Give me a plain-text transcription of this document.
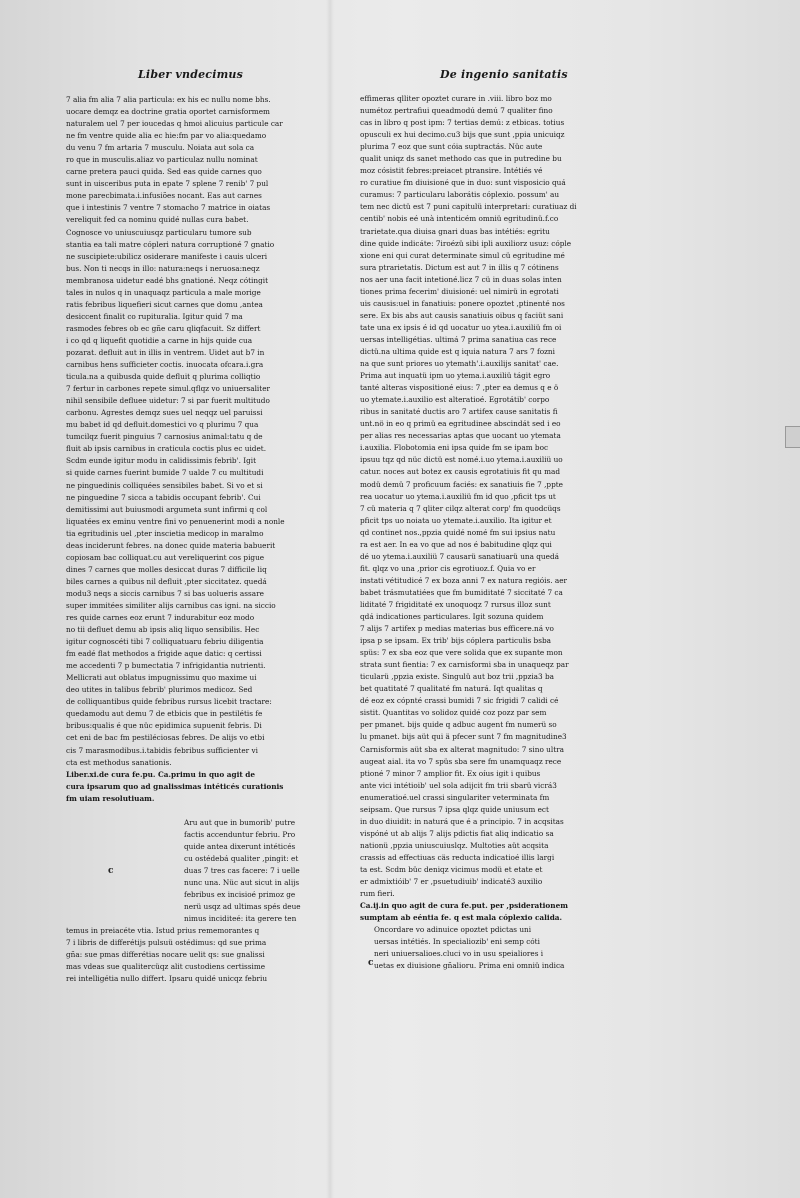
Liber vndecimus	De ingenio sanitatis
7 alia fm alia 7 alia particula: ex his ec nullu nome bhs.
uocare demqz ea doctrine gratia oportet carnisformem
naturalem uel 7 per ioucedas q hmoi alicuius particule car
ne fm ventre quide alia ec hie:fm par vo alia:quedamo
du venu 7 fm artaria 7 musculu. Noiata aut sola ca
ro que in musculis.aliaz vo particulaz nullu nominat
carne pretera pauci quida. Sed eas quide carnes quo
sunt in uisceribus puta in epate 7 splene 7 renib' 7 pul
mone parecbimata.i.infusiões nocant. Eas aut carnes
que i intestinis 7 ventre 7 stomacho 7 matrice in oiatas
vereliquit fed ca nominu quidé nullas cura babet.
Cognosce vo uniuscuiusqz particularu tumore sub
stantia ea tali matre cópleri natura corruptioné 7 gnatio
ne suscipiete:ubilicz osiderare manifeste i cauis ulceri
bus. Non ti necqs in illo: natura:neqs i neruosa:neqz
membranosa uidetur eadé bhs gnationé. Neqz cótingit
tales in nulos q in unaquaqz particula a male morige
ratis febribus liquefieri sicut carnes que domu ,antea
desiccent finalit co rupituralia. Igitur quid 7 ma
rasmodes febres ob ec gñe caru qliqfacuit. Sz differt
i co qd q liquefit quotidie a carne in hijs quide cua
pozarat. defluit aut in illis in ventrem. Uidet aut b7 in
carnibus hens sufficieter coctis. inuocata ofcara.i.gra
ticula.na a quibusda quide defluit q plurima colliqtio
7 fertur in carbones repete simul.qflqz vo uniuersaliter
nihil sensibile defluee uidetur: 7 si par fuerit multitudo
carbonu. Agrestes demqz sues uel neqqz uel paruissi
mu babet id qd defluit.domestici vo q plurimu 7 qua
tumcilqz fuerit pinguius 7 carnosius animal:tatu q de
fluit ab ipsis carnibus in craticula coctis plus ec uidet.
Scdm eunde igitur modu in calidissimis febrib'. Igit
si quide carnes fuerint bumide 7 ualde 7 cu multitudi
ne pinguedinis colliquées sensibiles babet. Si vo et si
ne pinguedine 7 sicca a tabidis occupant febrib'. Cui
demitissimi aut buiusmodi argumeta sunt infirmi q col
liquatées ex eminu ventre fini vo penuenerint modi a nonle
tia egritudinis uel ,pter inscietia medicop in maralmo
deas inciderunt febres. na donec quide materia babuerit
copiosam bac colliquat.cu aut vereliquerint cos pigue
dines 7 carnes que molles desiccat duras 7 difficile liq
biles carnes a quibus nil defluit ,pter siccitatez. quedá
modu3 neqs a siccis carnibus 7 si bas uolueris assare
super immitées similiter alijs carnibus cas igni. na siccio
res quide carnes eoz erunt 7 indurabitur eoz modo
no tii defluet demu ab ipsis aliq liquo sensibilis. Hec
igitur cognoscéti tibi 7 colliquatuaru febriu diligentia
fm eadé flat methodos a frigide aque datic: q certissi
me accedenti 7 p bumectatia 7 infrigidantia nutrienti.
Mellicrati aut oblatus impugnissimu quo maxime ui
deo utites in talibus febrib' plurimos medicoz. Sed
de colliquantibus quide febribus rursus licebit tractare:
quedamodu aut demu 7 de etbicis que in pestilétis fe
bribus:qualis é que nüc epidimica supuenit febris. Di
cet eni de bac fm pestiléciosas febres. De alijs vo etbi
cis 7 marasmodibus.i.tabidis febribus sufficienter vi
cta est methodus sanationis.
Liber.xi.de cura fe.pu. Ca.primu in quo agit de
cura ipsarum quo ad gnalissimas intéticés curationis
fm uiam resolutiuam.
Aru aut que in bumorib' putre
factis accenduntur febriu. Pro
quide antea dixerunt intéticés
cu ostédebá qualiter ,pingit: et
duas 7 tres cas facere: 7 i uelle
nunc una. Nüc aut sicut in alijs
febribus ex incisioé primoz ge
nerü usqz ad ultimas spés deue
nimus inciditeé: ita gerere ten
temus in preiacéte vtia. Istud prius rememorantes q
7 i libris de differétijs pulsuü ostédimus: qd sue prima
gña: sue pmas differétias nocare uelit qs: sue gnalissi
mas vdeas sue qualitercüqz alit custodiens certissime
rei intelligétia nullo differt. Ipsaru quidé unicqz febriu
effimeras qlliter opoztet curare in .viii. libro boz mo
numétoz pertrafiui queadmodú demú 7 qualiter fino
cas in libro q post ipm: 7 tertias demú: z etbicas. totius
opusculi ex hui decimo.cu3 bijs que sunt ,ppia unicuiqz
plurima 7 eoz que sunt cóia suptractás. Nüc aute
qualit uniqz ds sanet methodo cas que in putredine bu
moz cósistit febres:preiacet ptransire. Intétiés vé
ro curatiue fm diuisioné que in duo: sunt visposicio quá
curamus: 7 particularu laborátis cóplexio. possum' au
tem nec dictü est 7 puni capitulü interpretari: curatiuaz di
centib' nobis eé unà intenticém omniü egritudinü.f.co
trarietate.qua diuisa gnari duas bas intétiés: egritu
dine quide indicáte: 7iroézü sibi ipli auxiliorz usuz: cóple
xione eni qui curat determinate simul cü egritudine mé
sura ptrarietatis. Dictum est aut 7 in illis q 7 cótinens
nos aer una facit intetioné.licz 7 cü in duas solas inten
tiones prima fecerim' diuisioné: uel nimirü in egrotati
uis causis:uel in fanatiuis: ponere opoztet ,ptinenté nos
sere. Ex bis abs aut causis sanatiuis oibus q faciüt sani
tate una ex ipsis é id qd uocatur uo ytea.i.auxiliü fm oi
uersas intelligétias. ultimá 7 prima sanatiua cas rece
dictü.na ultima quide est q iquia natura 7 ars 7 fozni
na que sunt priores uo ytemath'.i.auxilijs sanitat' cae.
Prima aut inquatü ipm uo ytema.i.auxiliü tágit egro
tanté alteras vispositioné eius: 7 ,pter ea demus q e ö
uo ytemate.i.auxilio est alteratioé. Egrotátib' corpo
ribus in sanitaté ductis aro 7 artifex cause sanitatis fi
unt.nö in eo q primü ea egritudinee abscindát sed i eo
per alias res necessarias aptas que uocant uo ytemata
i.auxilia. Flobotomia eni ipsa quide fm se ipam boc
ipsuu tqz qd nüc dictü est nomé.i.uo ytema.i.auxiliü uo
catur. noces aut botez ex causis egrotatiuis fit qu mad
modü demü 7 proficuum faciés: ex sanatiuis fie 7 ,ppte
rea uocatur uo ytema.i.auxiliü fm id quo ,pficit tps ut
7 cü materia q 7 qliter cilqz alterat corp' fm quodcüqs
pficit tps uo noiata uo ytemate.i.auxilio. Ita igitur et
qd continet nos.,ppzia quidé nomé fm sui ipsius natu
ra est aer. In ea vo que ad nos é babitudine qlqz qui
dé uo ytema.i.auxiliü 7 causarü sanatiuarü una quedá
fit. qlqz vo una ,prior cis egrotiuoz.f. Quia vo er
instati vétitudicé 7 ex boza anni 7 ex natura regióis. aer
babet trásmutatiées que fm bumiditaté 7 siccitaté 7 ca
liditaté 7 frigiditaté ex unoquoqz 7 rursus illoz sunt
qdá indicationes particulares. Igit sozuna quidem
7 alijs 7 artifex p medias materias bus efficere.ná vo
ipsa p se ipsam. Ex trib' bijs cóplera particulis bsba
spüs: 7 ex sba eoz que vere solida que ex supante mon
strata sunt fientia: 7 ex carnisformi sba in unaqueqz par
ticularü ,ppzia existe. Singulü aut boz trii ,ppzia3 ba
bet quatitaté 7 qualitaté fm naturá. Iqt qualitas q
dé eoz ex cópnté crassi bumidi 7 sic frigidi 7 calidi cé
sistit. Quantitas vo solidoz quidé coz pozz par sem
per pmanet. bijs quide q adbuc augent fm numerü so
lu pmanet. bijs aüt qui ä pfecer sunt 7 fm magnitudine3
Carnisformis aüt sba ex alterat magnitudo: 7 sino ultra
augeat aial. ita vo 7 spüs sba sere fm unamquaqz rece
ptioné 7 minor 7 amplior fit. Ex oíus igit i quibus
ante vici intétioib' uel sola adijcit fm trii sbarü vicrá3
enumeratioé.uel crassi singulariter veterminata fm
seipsam. Que rursus 7 ipsa qlqz quide uniusum ect
in duo diuidit: in naturá que é a principio. 7 in acqsitas
vispóné ut ab alijs 7 alijs pdictis fiat aliq indicatio sa
nationü ,ppzia uniuscuiuslqz. Multoties aüt acqsita
crassis ad effectiuas cäs reducta indicatioé illis largi
ta est. Scdm büc deniqz vicimus modü et etate et
er admixtióib' 7 er ,psuetudiuib' indicaté3 auxilio
rum fieri.
Ca.ij.in quo agit de cura fe.put. per ,psiderationem
sumptam ab eéntia fe. q est mala cóplexio calida.
Oncordare vo adinuice opoztet pdictas uni
uersas intétiés. In specialiozib' eni semp cóti
neri uniuersalioes.cluci vo in usu speialiores i
uetas ex diuisione gñalioru. Prima eni omniü indica
c
c
